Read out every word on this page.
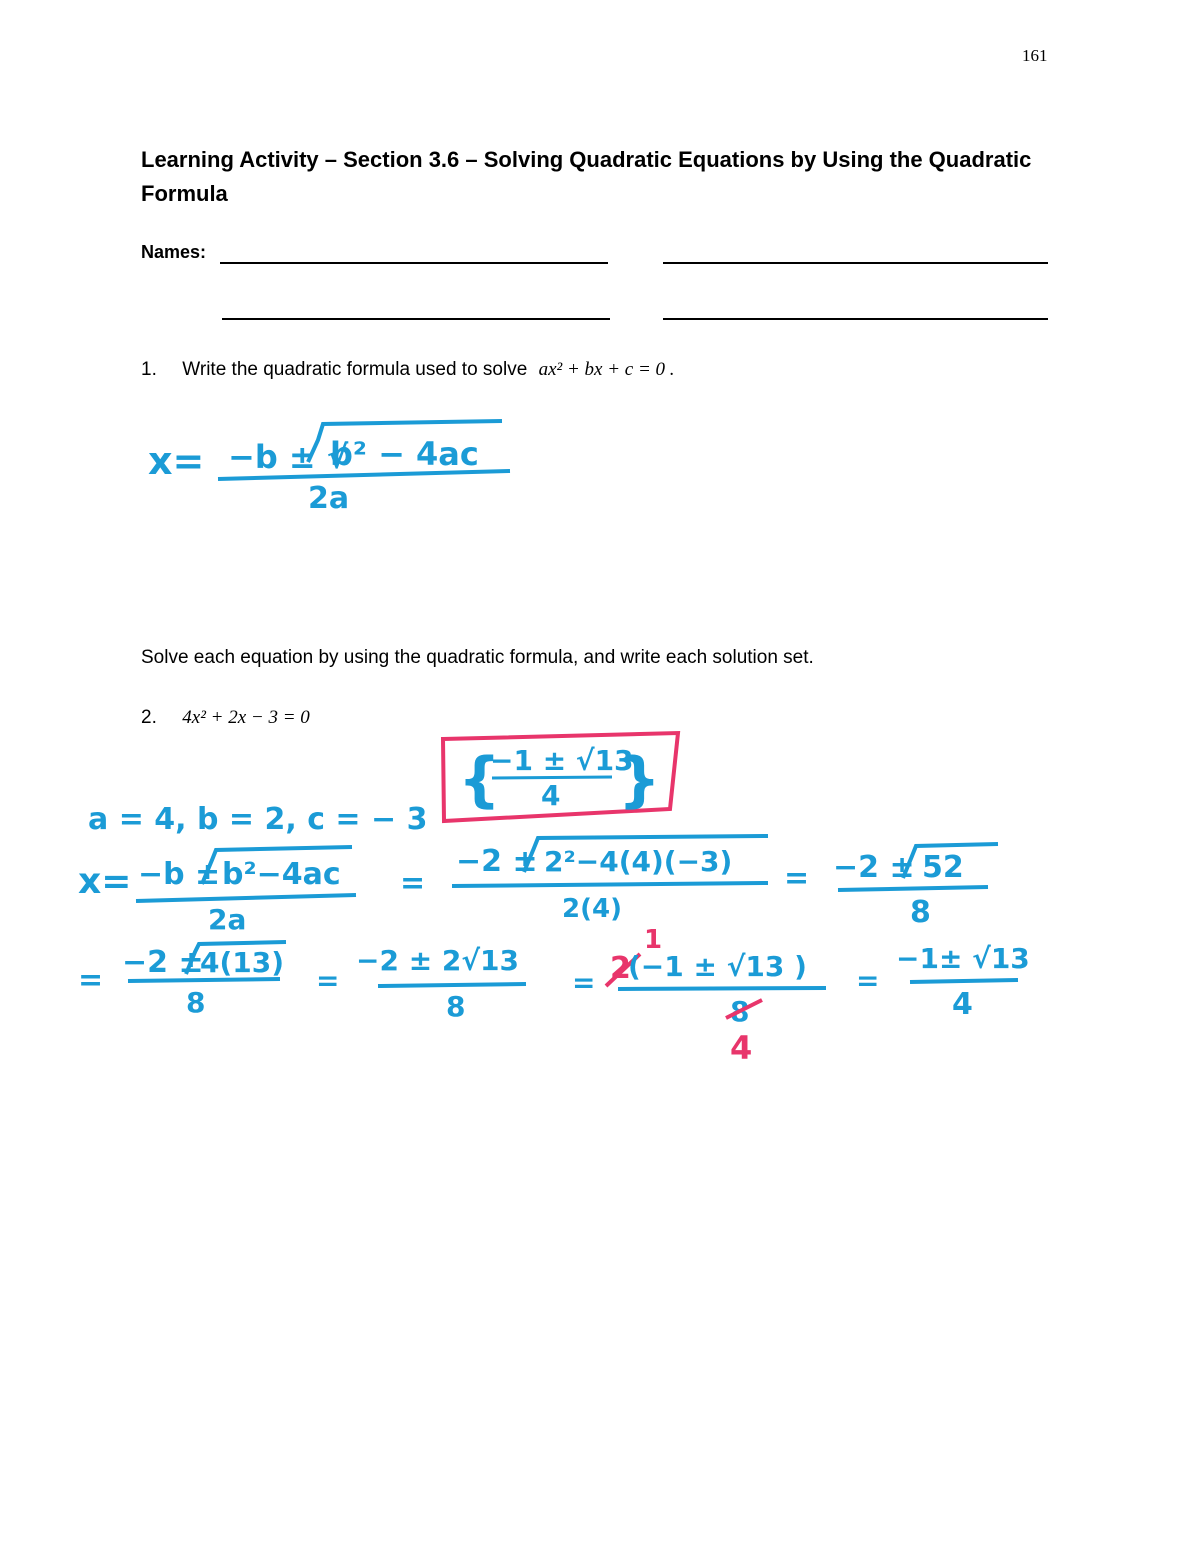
161
Learning Activity – Section 3.6 – Solving Quadratic Equations by Using the Quadratic Formula
Names:
1. Write the quadratic formula used to solve ax² + bx + c = 0 .
Solve each equation by using the quadratic formula, and write each solution set.
2. 4x² + 2x − 3 = 0
x= −b ± √
b² − 4ac
2a
{
−1 ± √13
4 }
a = 4, b = 2, c = − 3
x= −b ± b²−4ac
2a
=
−2 ± 2²−4(4)(−3)
2(4)
= −2 ± 52
8
=
−2 ±
4(13)
8
=
−2 ± 2√13
8
= 2
1
(−1 ± √13 )
8
4
=
−1± √13
4
